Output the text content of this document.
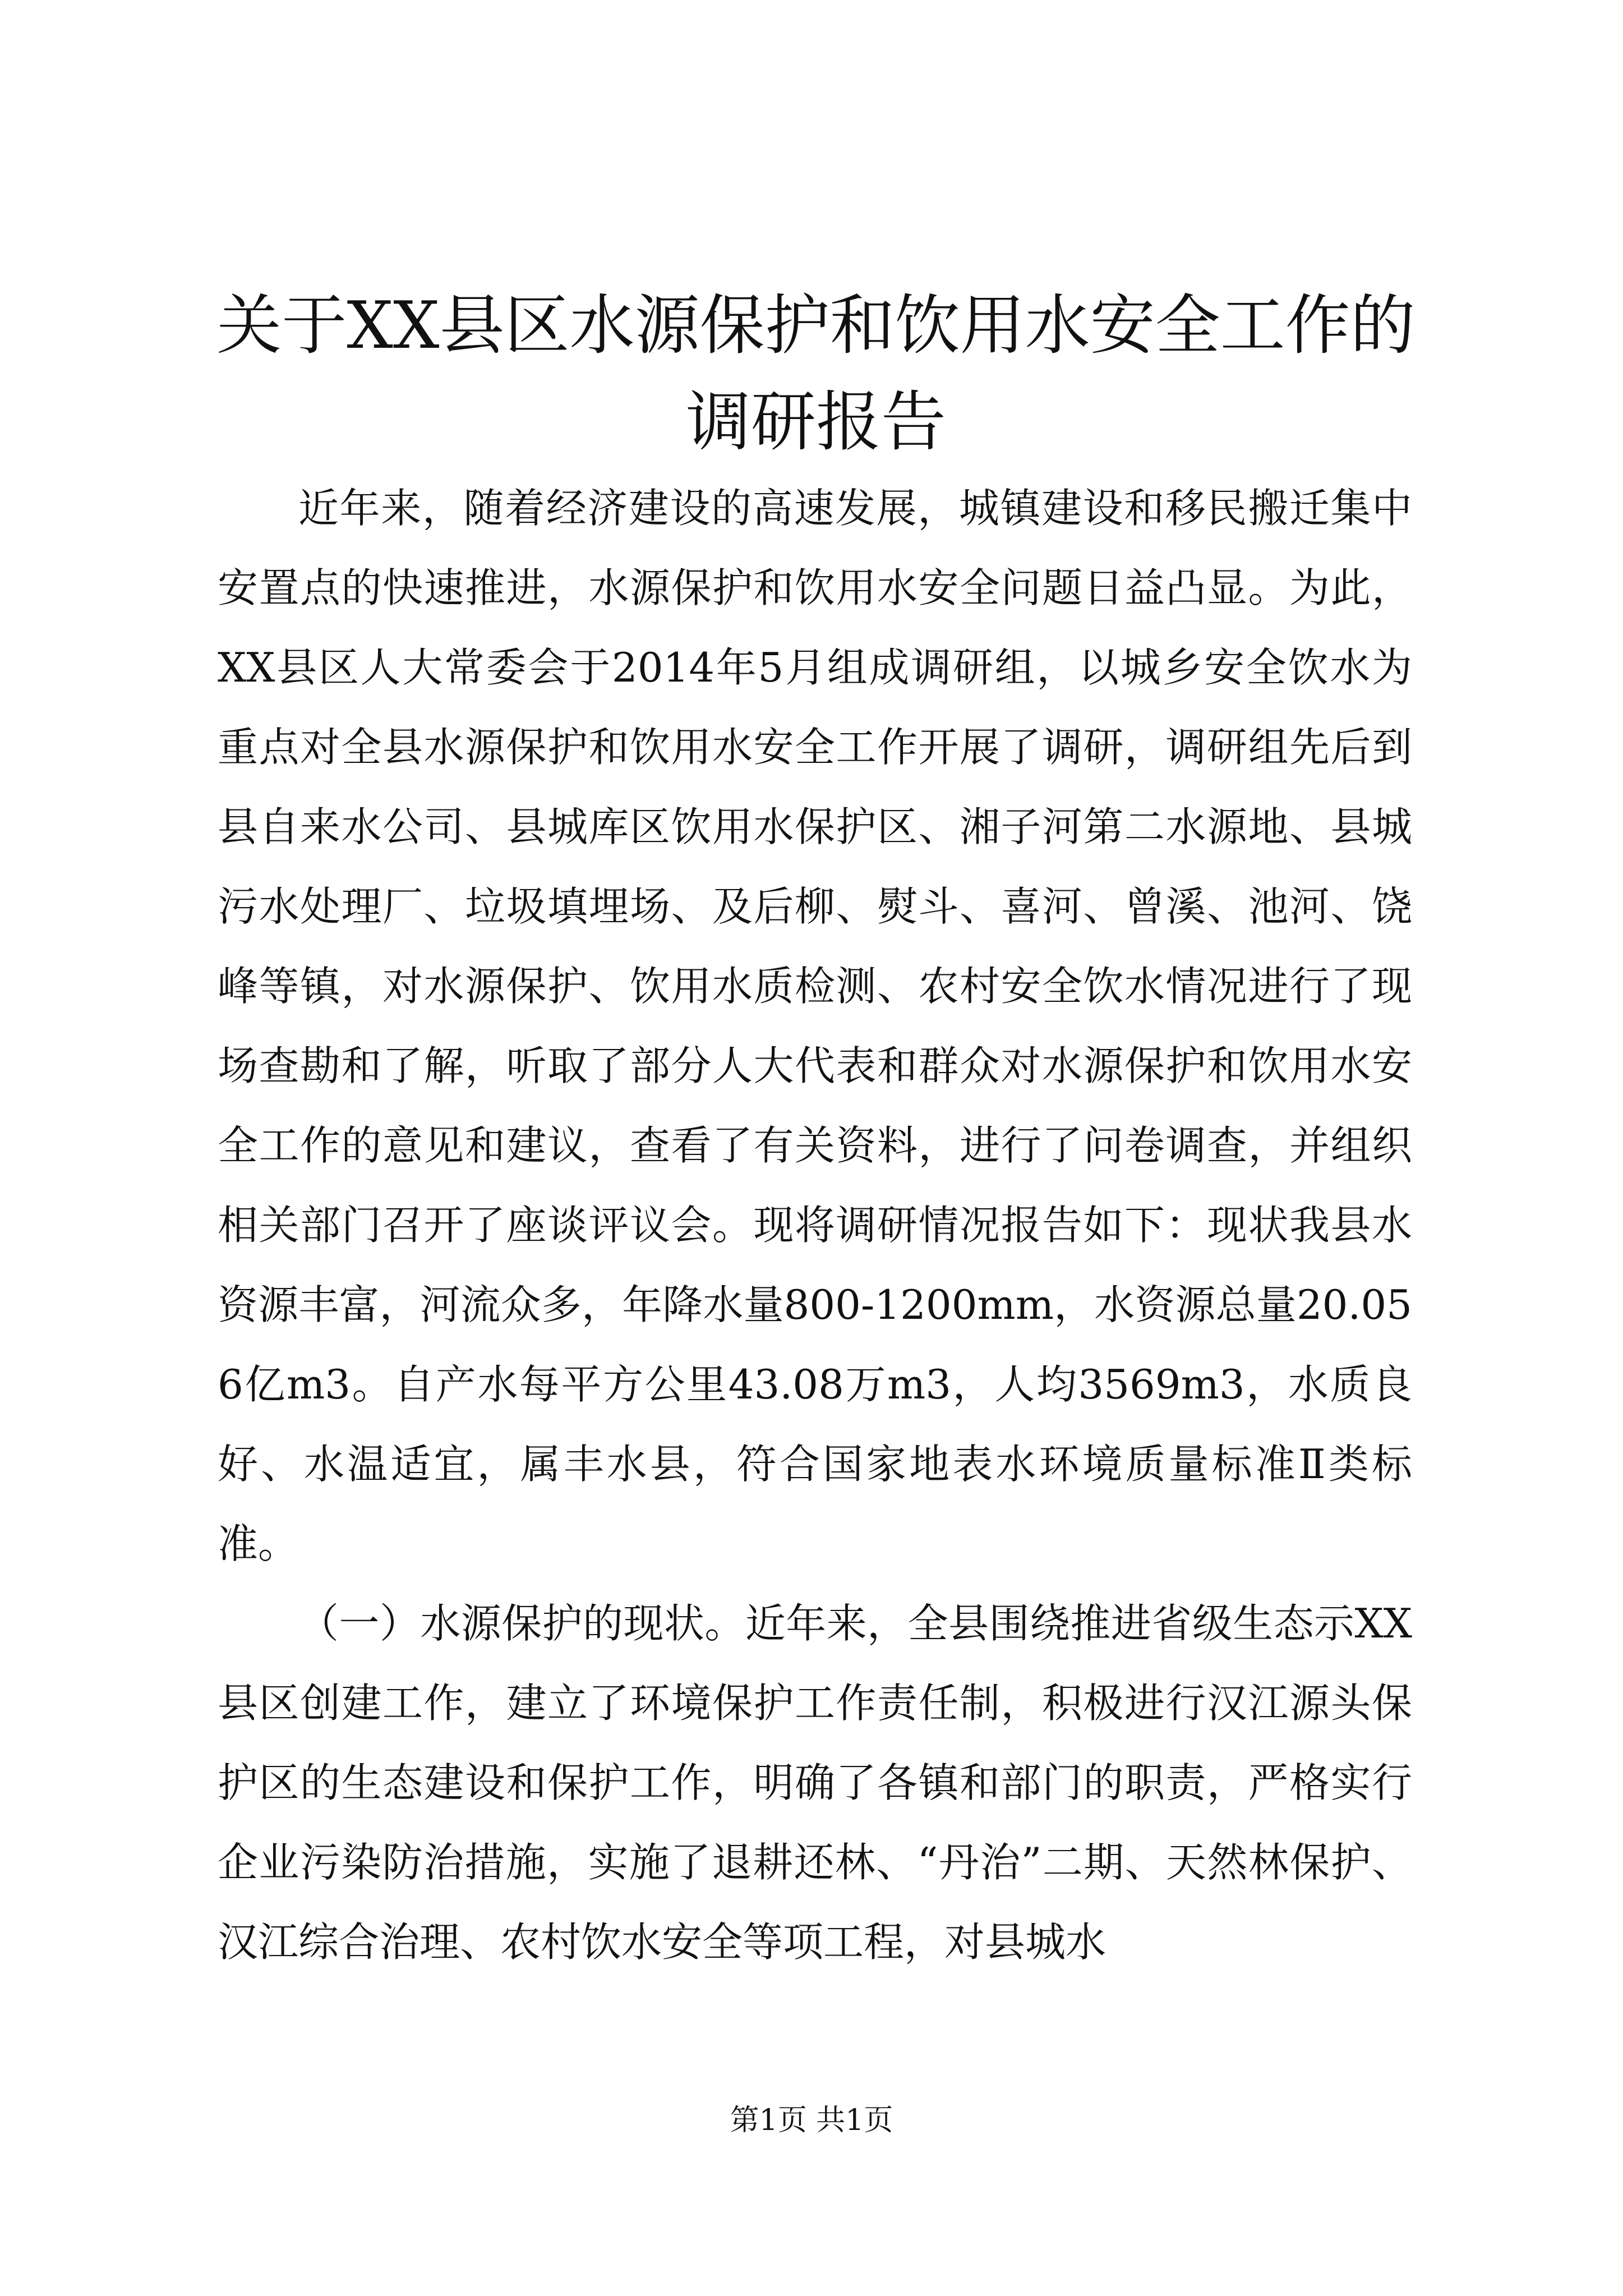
关于XX县区水源保护和饮用水安全工作的调研报告

近年来，随着经济建设的高速发展，城镇建设和移民搬迁集中安置点的快速推进，水源保护和饮用水安全问题日益凸显。为此，XX县区人大常委会于2014年5月组成调研组，以城乡安全饮水为重点对全县水源保护和饮用水安全工作开展了调研，调研组先后到县自来水公司、县城库区饮用水保护区、湘子河第二水源地、县城污水处理厂、垃圾填埋场、及后柳、熨斗、喜河、曾溪、池河、饶峰等镇，对水源保护、饮用水质检测、农村安全饮水情况进行了现场查勘和了解，听取了部分人大代表和群众对水源保护和饮用水安全工作的意见和建议，查看了有关资料，进行了问卷调查，并组织相关部门召开了座谈评议会。现将调研情况报告如下：现状我县水资源丰富，河流众多，年降水量800-1200mm，水资源总量20.056亿m3。自产水每平方公里43.08万m3，人均3569m3，水质良好、水温适宜，属丰水县，符合国家地表水环境质量标准Ⅱ类标准。

（一）水源保护的现状。近年来，全县围绕推进省级生态示XX县区创建工作，建立了环境保护工作责任制，积极进行汉江源头保护区的生态建设和保护工作，明确了各镇和部门的职责，严格实行企业污染防治措施，实施了退耕还林、“丹治”二期、天然林保护、汉江综合治理、农村饮水安全等项工程，对县城水

第1页 共1页
